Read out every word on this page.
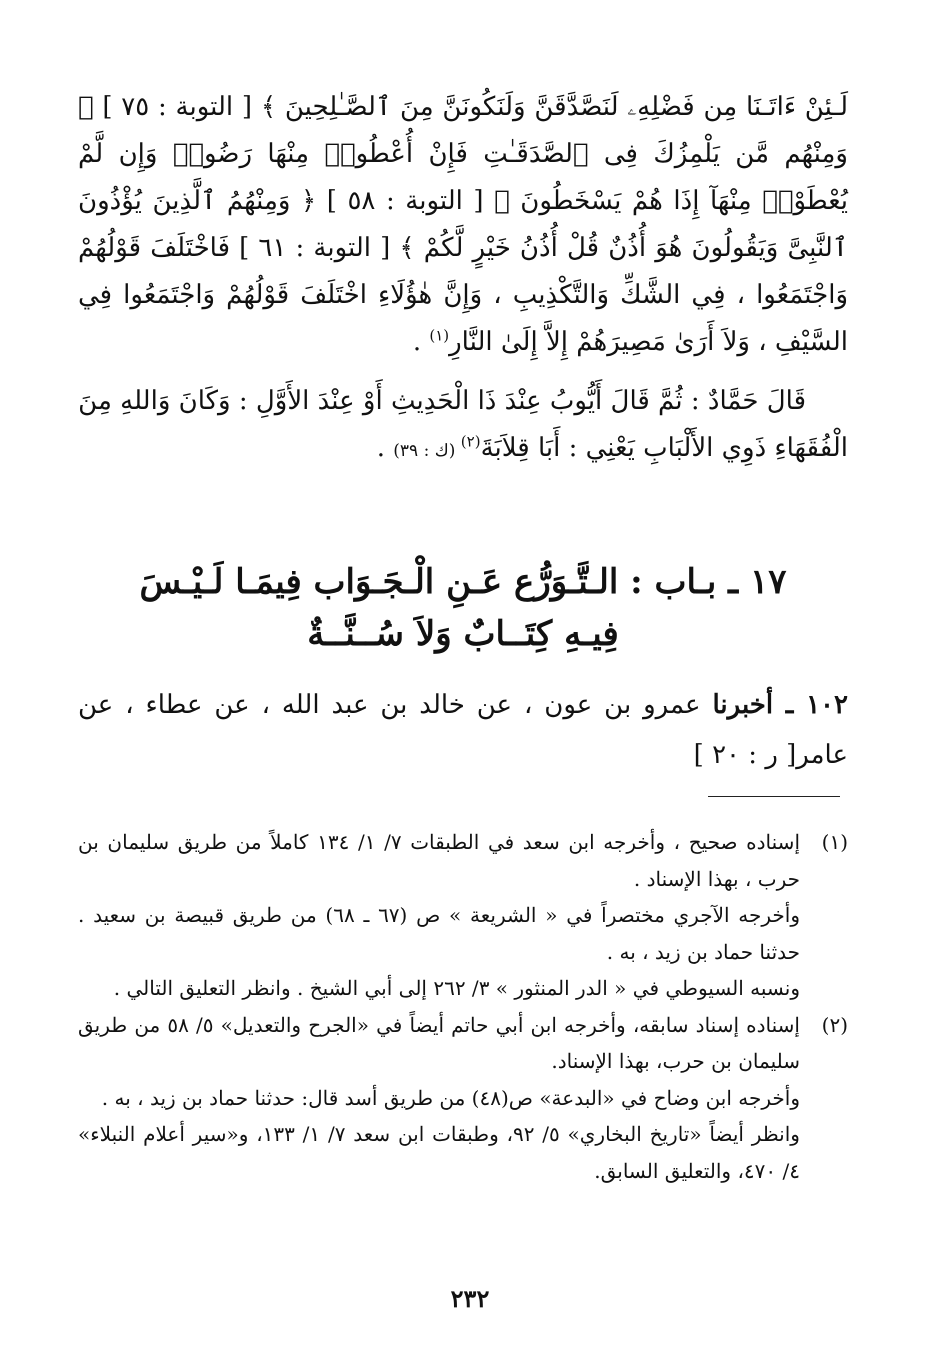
لَـئِنْ ءَاتَـنَا مِن فَضْلِهِۦ لَنَصَّدَّقَنَّ وَلَنَكُونَنَّ مِنَ ٱلصَّـٰلِحِينَ ﴾ [ التوبة : ٧٥ ] ﴿ وَمِنْهُم مَّن يَلْمِزُكَ فِى ٱلصَّدَقَـٰتِ فَإِنْ أُعْطُوا۟ مِنْهَا رَضُوا۟ وَإِن لَّمْ يُعْطَوْا۟ مِنْهَآ إِذَا هُمْ يَسْخَطُونَ ﴾ [ التوبة : ٥٨ ] ﴿ وَمِنْهُمُ ٱلَّذِينَ يُؤْذُونَ ٱلنَّبِىَّ وَيَقُولُونَ هُوَ أُذُنٌ قُلْ أُذُنُ خَيْرٍ لَّكُمْ ﴾ [ التوبة : ٦١ ] فَاخْتَلَفَ قَوْلُهُمْ وَاجْتَمَعُوا ، فِي الشَّكِّ وَالتَّكْذِيبِ ، وَإِنَّ هٰؤُلَاءِ اخْتَلَفَ قَوْلُهُمْ وَاجْتَمَعُوا فِي السَّيْفِ ، وَلاَ أَرَىٰ مَصِيرَهُمْ إِلاَّ إِلَىٰ النَّارِ$^{(١)}$ .

قَالَ حَمَّادٌ : ثُمَّ قَالَ أَيُّوبُ عِنْدَ ذَا الْحَدِيثِ أَوْ عِنْدَ الأَوَّلِ : وَكَانَ وَاللهِ مِنَ
الْفُقَهَاءِ ذَوِي الأَلْبَابِ يَعْنِي : أَبَا قِلاَبَةَ$^{(٢)}$ (ك : ٣٩) .

١٧ ـ بـاب : الـتَّـوَرُّع عَـنِ الْـجَـوَاب فِيمَـا لَـيْـسَ
فِيـهِ كِتَــابٌ وَلاَ سُــنَّــةٌ
١٠٢ ـ أخبرنا عمرو بن عون ، عن خالد بن عبد الله ، عن عطاء ، عن عامر[ ر : ٢٠ ]
(١)

إسناده صحيح ، وأخرجه ابن سعد في الطبقات ٧/ ١/ ١٣٤ كاملاً من طريق سليمان بن حرب ، بهذا الإسناد .

وأخرجه الآجري مختصراً في « الشريعة » ص (٦٧ ـ ٦٨) من طريق قبيصة بن سعيد . حدثنا حماد بن زيد ، به .

ونسبه السيوطي في « الدر المنثور » ٣/ ٢٦٢ إلى أبي الشيخ . وانظر التعليق التالي .

(٢)

إسناده إسناد سابقه، وأخرجه ابن أبي حاتم أيضاً في «الجرح والتعديل» ٥/ ٥٨ من طريق سليمان بن حرب، بهذا الإسناد.

وأخرجه ابن وضاح في «البدعة» ص(٤٨) من طريق أسد قال: حدثنا حماد بن زيد ، به .

وانظر أيضاً «تاريخ البخاري» ٥/ ٩٢، وطبقات ابن سعد ٧/ ١/ ١٣٣، و«سير أعلام النبلاء» ٤/ ٤٧٠، والتعليق السابق.

٢٣٢
